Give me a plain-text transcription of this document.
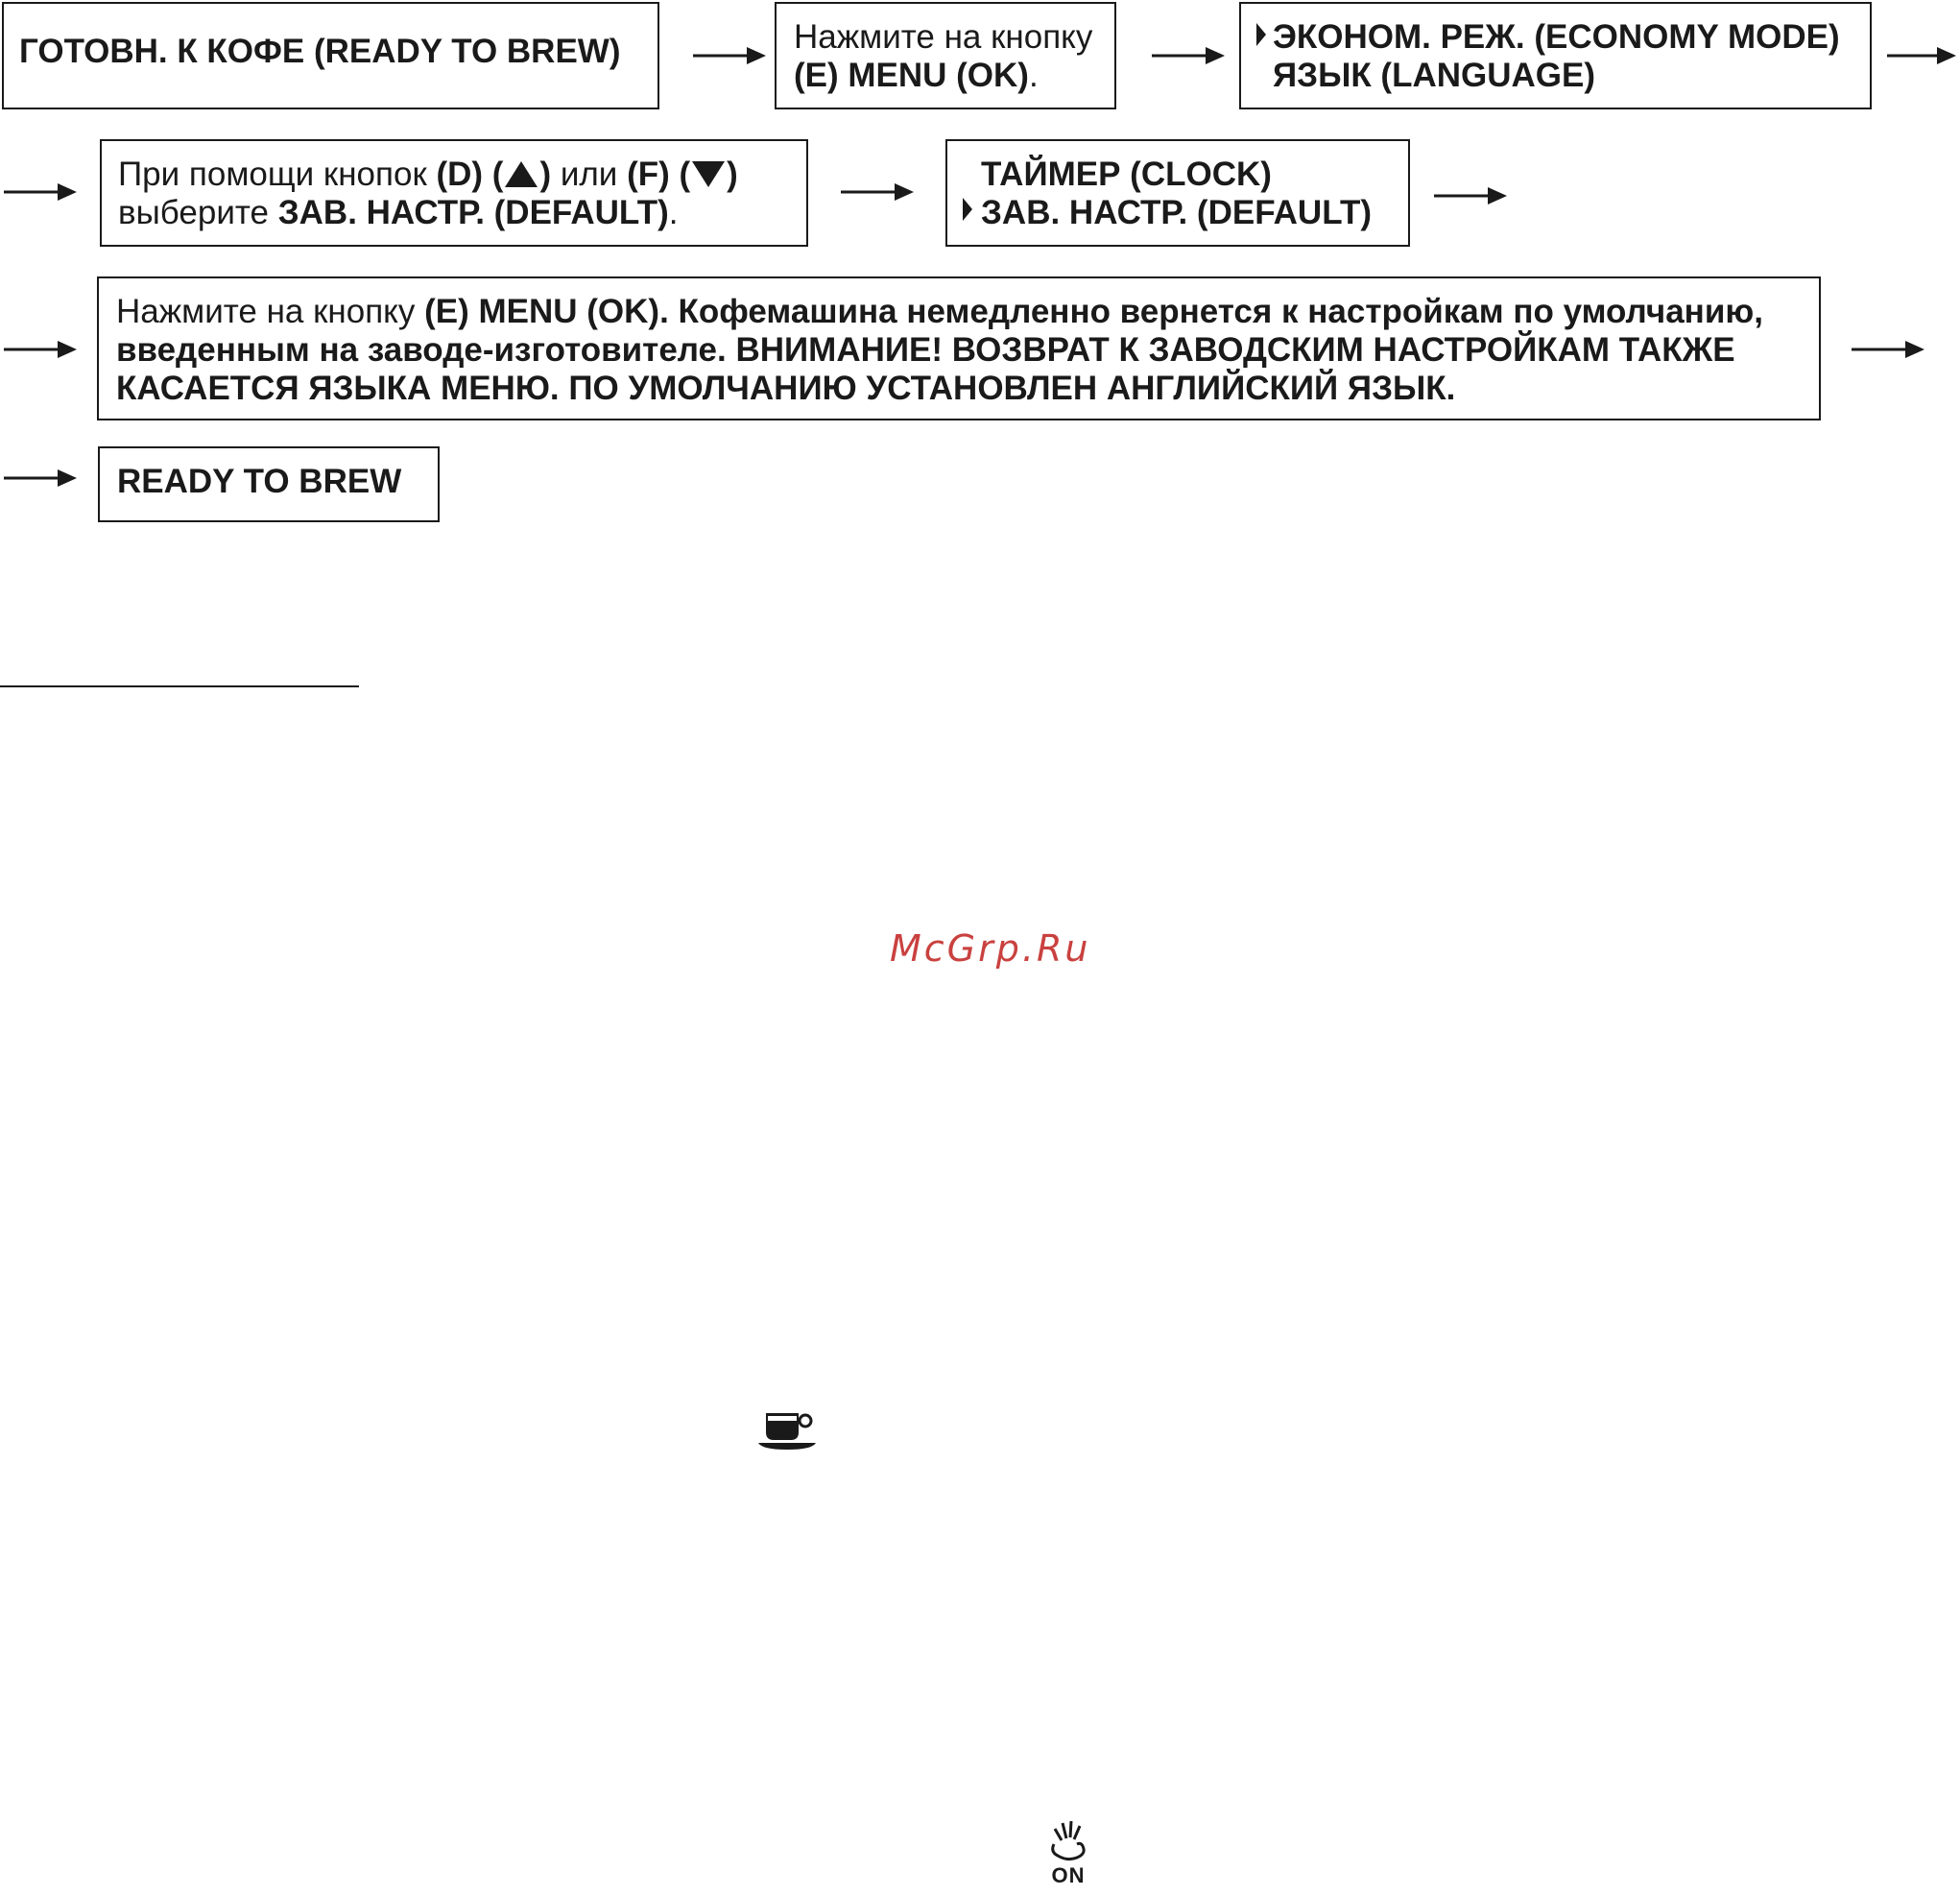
ГОТОВН. К КОФЕ (READY TO BREW)	Нажмите на кнопку
(E) MENU (OK).
ЭКОНОМ. РЕЖ. (ECONOMY MODE)
ЯЗЫК (LANGUAGE)
При помощи кнопок (D) ( ) или (F) ( )
выберите ЗАВ. НАСТР. (DEFAULT).
ТАЙМЕР (CLOCK)
ЗАВ. НАСТР. (DEFAULT)
Нажмите на кнопку (E) MENU (OK). Кофемашина немедленно вернется к настройкам по умолчанию,
введенным на заводе-изготовителе. ВНИМАНИЕ! ВОЗВРАТ К ЗАВОДСКИМ НАСТРОЙКАМ ТАКЖЕ
КАСАЕТСЯ ЯЗЫКА МЕНЮ. ПО УМОЛЧАНИЮ УСТАНОВЛЕН АНГЛИЙСКИЙ ЯЗЫК.
READY TO BREW
McGrp.Ru
ON
